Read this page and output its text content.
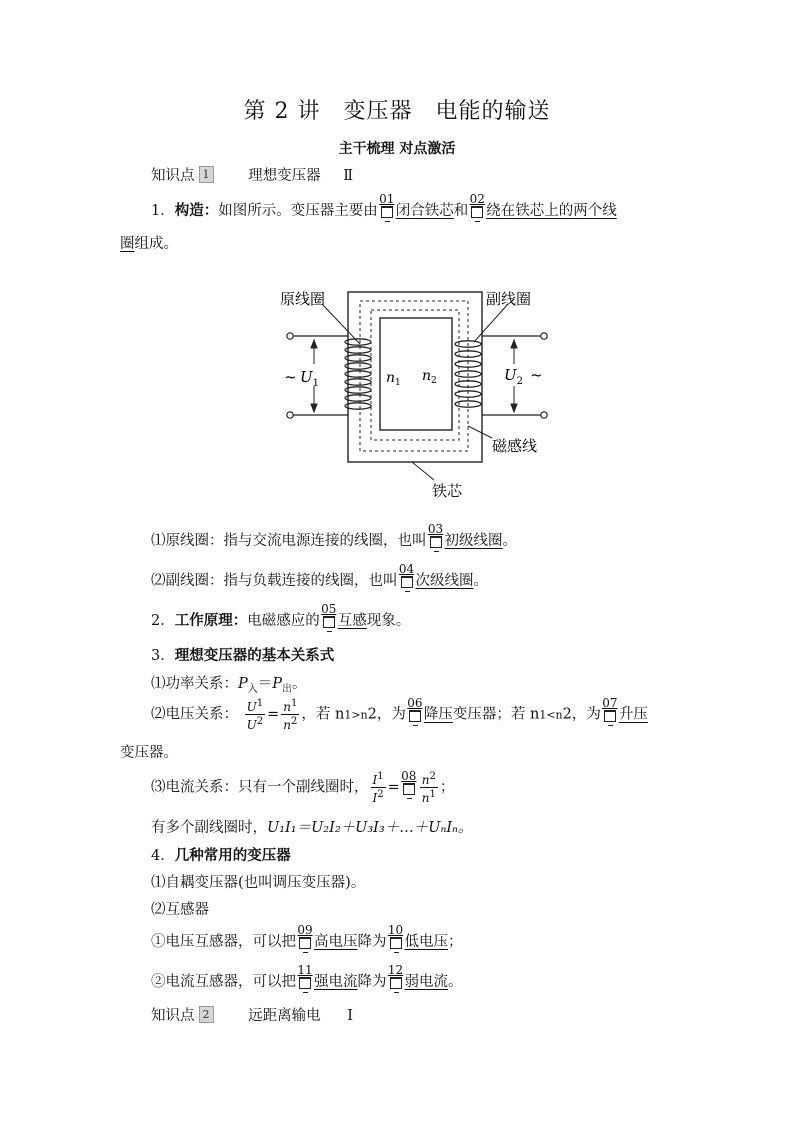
第 2 讲　变压器　电能的输送
主干梳理 对点激活
知识点 1	理想变压器 Ⅱ
1．构造：如图所示。变压器主要由
01
闭合铁芯和
02
绕在铁芯上的两个线
圈组成。
原线圈	副线圈
磁感线
铁芯
~ $U_1$	$U_2$ ~
$n_1$ $n_2$
⑴原线圈：指与交流电源连接的线圈，也叫
03
初级线圈。
⑵副线圈：指与负载连接的线圈，也叫
04
次级线圈。
2．工作原理：电磁感应的
05
互感现象。
3．理想变压器的基本关系式
⑴功率关系：$P_入=P_出$。
⑵电压关系： $\frac{U^1}{U^2} = \frac{n^1}{n^2}$ ，若 n1>n2，为
06
降压变压器；若 n1<n2，为
07
升压
变压器。
⑶电流关系：只有一个副线圈时， $\frac{I^1}{I^2}$ =
$08 \frac{n^2}{n^1}$ ；
有多个副线圈时，U₁I₁＝U₂I₂＋U₃I₃＋…＋UₙIₙ。
4．几种常用的变压器
⑴自耦变压器(也叫调压变压器)。
⑵互感器
①电压互感器，可以把
09
高电压降为
10
低电压；
②电流互感器，可以把
11
强电流降为
12
弱电流。
知识点 2	远距离输电 Ⅰ
